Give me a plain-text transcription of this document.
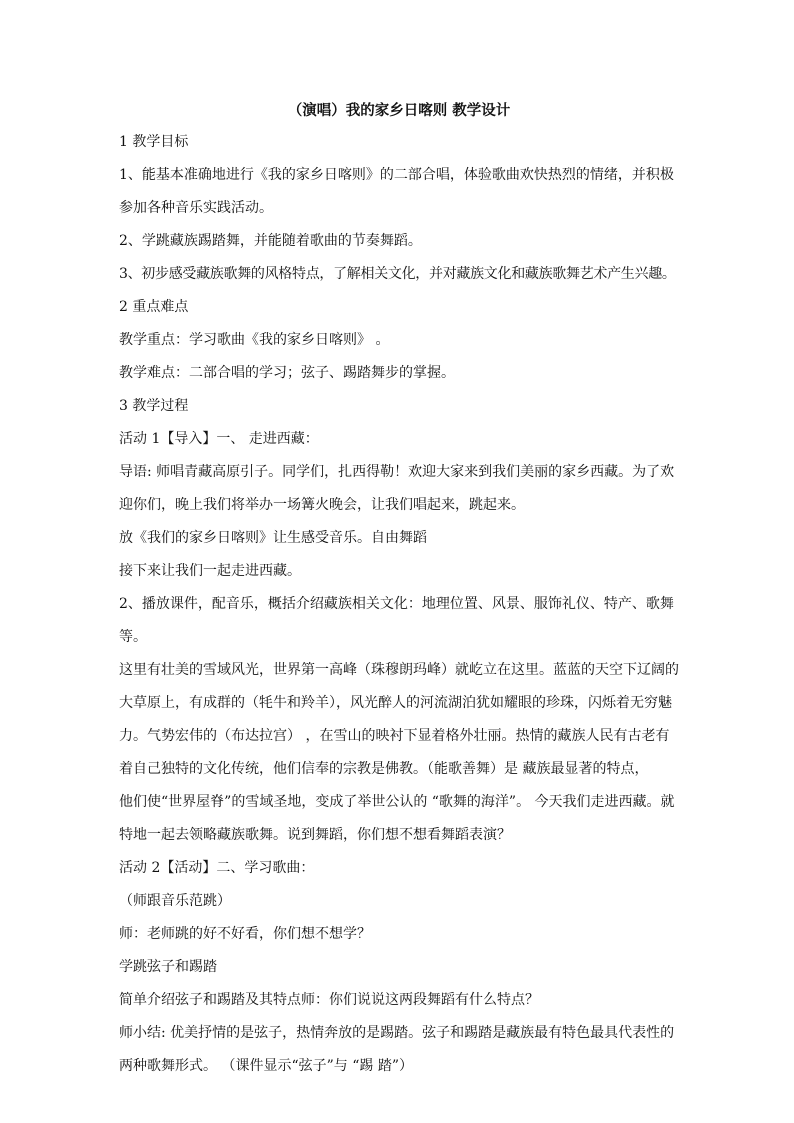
（演唱）我的家乡日喀则 教学设计
1 教学目标
1、能基本准确地进行《我的家乡日喀则》的二部合唱，体验歌曲欢快热烈的情绪，并积极
参加各种音乐实践活动。
2、学跳藏族踢踏舞，并能随着歌曲的节奏舞蹈。
3、初步感受藏族歌舞的风格特点，了解相关文化，并对藏族文化和藏族歌舞艺术产生兴趣。
2 重点难点
教学重点：学习歌曲《我的家乡日喀则》 。
教学难点：二部合唱的学习；弦子、踢踏舞步的掌握。
3 教学过程
活动 1【导入】一、 走进西藏：
导语: 师唱青藏高原引子。同学们，扎西得勒！欢迎大家来到我们美丽的家乡西藏。为了欢
迎你们，晚上我们将举办一场篝火晚会，让我们唱起来，跳起来。
放《我们的家乡日喀则》让生感受音乐。自由舞蹈
接下来让我们一起走进西藏。
2、播放课件，配音乐，概括介绍藏族相关文化：地理位置、风景、服饰礼仪、特产、歌舞
等。
这里有壮美的雪域风光，世界第一高峰（珠穆朗玛峰）就屹立在这里。蓝蓝的天空下辽阔的
大草原上，有成群的（牦牛和羚羊），风光醉人的河流湖泊犹如耀眼的珍珠，闪烁着无穷魅
力。气势宏伟的（布达拉宫） ，在雪山的映衬下显着格外壮丽。热情的藏族人民有古老有
着自己独特的文化传统，他们信奉的宗教是佛教。（能歌善舞）是 藏族最显著的特点，
他们使“世界屋脊”的雪域圣地，变成了举世公认的 “歌舞的海洋”。 今天我们走进西藏。就
特地一起去领略藏族歌舞。说到舞蹈，你们想不想看舞蹈表演？
活动 2【活动】二、学习歌曲：
（师跟音乐范跳）
师：老师跳的好不好看，你们想不想学？
学跳弦子和踢踏
简单介绍弦子和踢踏及其特点师：你们说说这两段舞蹈有什么特点？
师小结: 优美抒情的是弦子，热情奔放的是踢踏。弦子和踢踏是藏族最有特色最具代表性的
两种歌舞形式。 （课件显示“弦子”与 “踢 踏”）
